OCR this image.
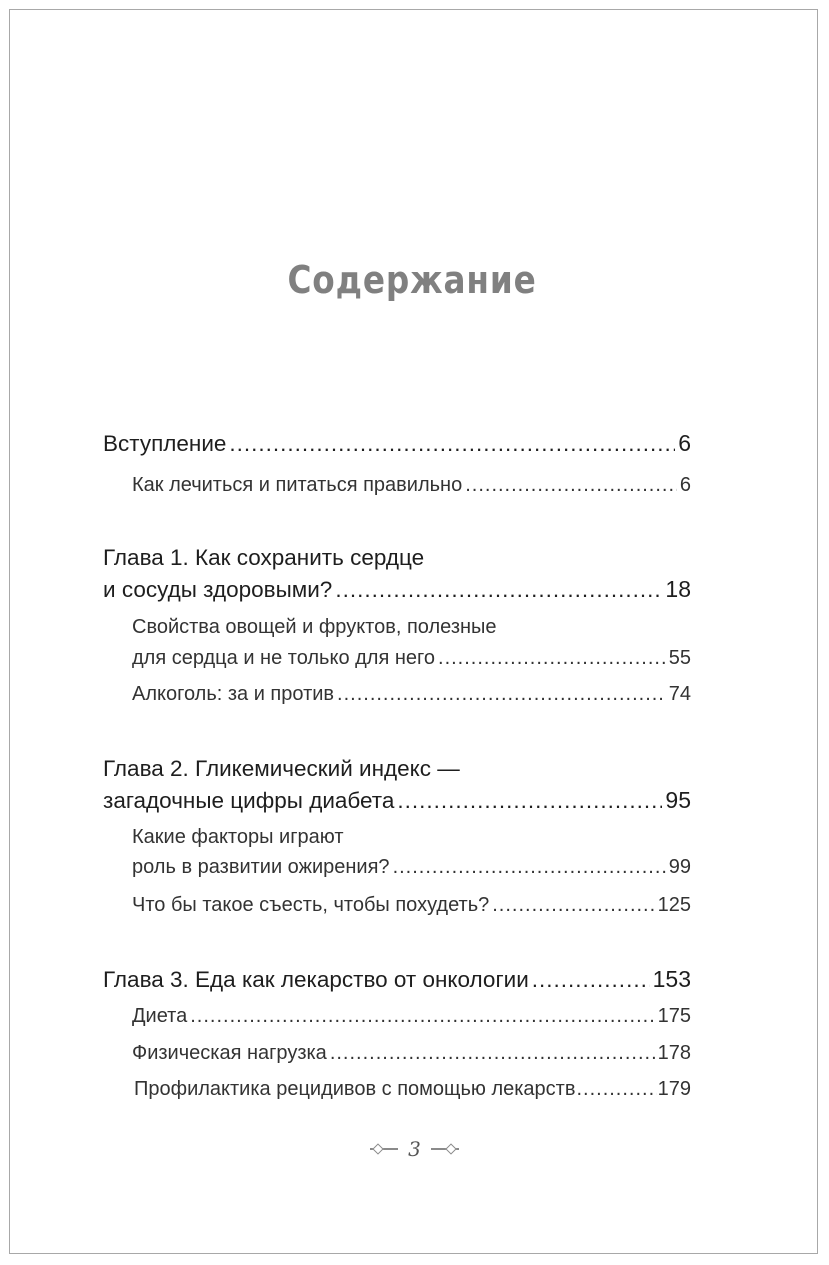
Содержание
Вступление .....	6
Как лечиться и питаться правильно .....	6
Глава 1. Как сохранить сердце
и сосуды здоровыми? .....	18
Свойства овощей и фруктов, полезные
для сердца и не только для него .....	55
Алкоголь: за и против .....	74
Глава 2. Гликемический индекс —
загадочные цифры диабета .....	95
Какие факторы играют
роль в развитии ожирения? .....	99
Что бы такое съесть, чтобы похудеть? .....	125
Глава 3. Еда как лекарство от онкологии .....	153
Диета .....	175
Физическая нагрузка .....	178
Профилактика рецидивов с помощью лекарств .....	179
3
